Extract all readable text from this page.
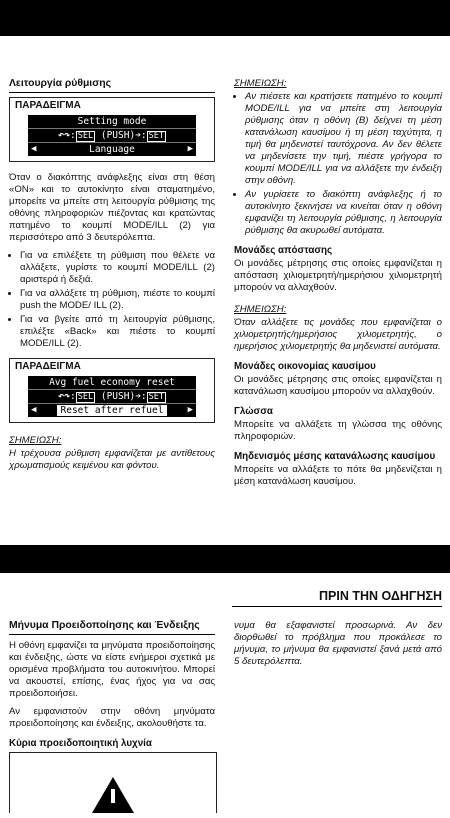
Λειτουργία ρύθμισης
ΠΑΡΑΔΕΙΓΜΑ
Setting mode
↶↷: SEL (PUSH)➔: SET
◀	Language	▶

Όταν ο διακόπτης ανάφλεξης είναι στη θέση «ON» και το αυτοκίνητο είναι σταματημένο, μπορείτε να μπείτε στη λειτουργία ρύθμισης της οθόνης πληροφοριών πιέζοντας και κρατώντας πατημένο το κουμπί MODE/ILL (2) για περισσότερο από 3 δευτερόλεπτα.

• Για να επιλέξετε τη ρύθμιση που θέλετε να αλλάξετε, γυρίστε το κουμπί MODE/ILL (2) αριστερά ή δεξιά.
• Για να αλλάξετε τη ρύθμιση, πιέστε το κουμπί push the MODE/ ILL (2).
• Για να βγείτε από τη λειτουργία ρύθμισης, επιλέξτε «Back» και πιέστε το κουμπί MODE/ILL (2).
ΠΑΡΑΔΕΙΓΜΑ
Avg fuel economy reset
↶↷: SEL (PUSH)➔: SET
◀	Reset after refuel	▶
ΣΗΜΕΙΩΣΗ:

Η τρέχουσα ρύθμιση εμφανίζεται με αντίθετους χρωματισμούς κειμένου και φόντου.

ΣΗΜΕΙΩΣΗ:
• Αν πιέσετε και κρατήσετε πατημένο το κουμπί MODE/ILL για να μπείτε στη λειτουργία ρύθμισης όταν η οθόνη (B) δείχνει τη μέση κατανάλωση καυσίμου ή τη μέση ταχύτητα, η τιμή θα μηδενιστεί ταυτόχρονα. Αν δεν θέλετε να μηδενίσετε την τιμή, πιέστε γρήγορα το κουμπί MODE/ILL για να αλλάξετε την ένδειξη στην οθόνη.
• Αν γυρίσετε το διακόπτη ανάφλεξης ή το αυτοκίνητο ξεκινήσει να κινείται όταν η οθόνη εμφανίζει τη λειτουργία ρύθμισης, η λειτουργία ρύθμισης θα ακυρωθεί αυτόματα.
Μονάδες απόστασης

Οι μονάδες μέτρησης στις οποίες εμφανίζεται η απόσταση χιλιομετρητή/ημερήσιου χιλιομετρητή μπορούν να αλλαχθούν.

ΣΗΜΕΙΩΣΗ:

Όταν αλλάξετε τις μονάδες που εμφανίζεται ο χιλιομετρητής/ημερήσιος χιλιομετρητής, ο ημερήσιος χιλιομετρητής θα μηδενιστεί αυτόματα.

Μονάδες οικονομίας καυσίμου

Οι μονάδες μέτρησης στις οποίες εμφανίζεται η κατανάλωση καυσίμου μπορούν να αλλαχθούν.

Γλώσσα

Μπορείτε να αλλάξετε τη γλώσσα της οθόνης πληροφοριών.

Μηδενισμός μέσης κατανάλωσης καυσίμου

Μπορείτε να αλλάξετε το πότε θα μηδενίζεται η μέση κατανάλωση καυσίμου.

ΠΡΙΝ ΤΗΝ ΟΔΗΓΗΣΗ
Μήνυμα Προειδοποίησης και Ένδειξης

Η οθόνη εμφανίζει τα μηνύματα προειδοποίησης και ένδειξης, ώστε να είστε ενήμεροι σχετικά με ορισμένα προβλήματα του αυτοκινήτου. Μπορεί να ακουστεί, επίσης, ένας ήχος για να σας προειδοποιήσει.

Αν εμφανιστούν στην οθόνη μηνύματα προειδοποίησης και ένδειξης, ακολουθήστε τα.

Κύρια προειδοποιητική λυχνία

νυμα θα εξαφανιστεί προσωρινά. Αν δεν διορθωθεί το πρόβλημα που προκάλεσε το μήνυμα, το μήνυμα θα εμφανιστεί ξανά μετά από 5 δευτερόλεπτα.
